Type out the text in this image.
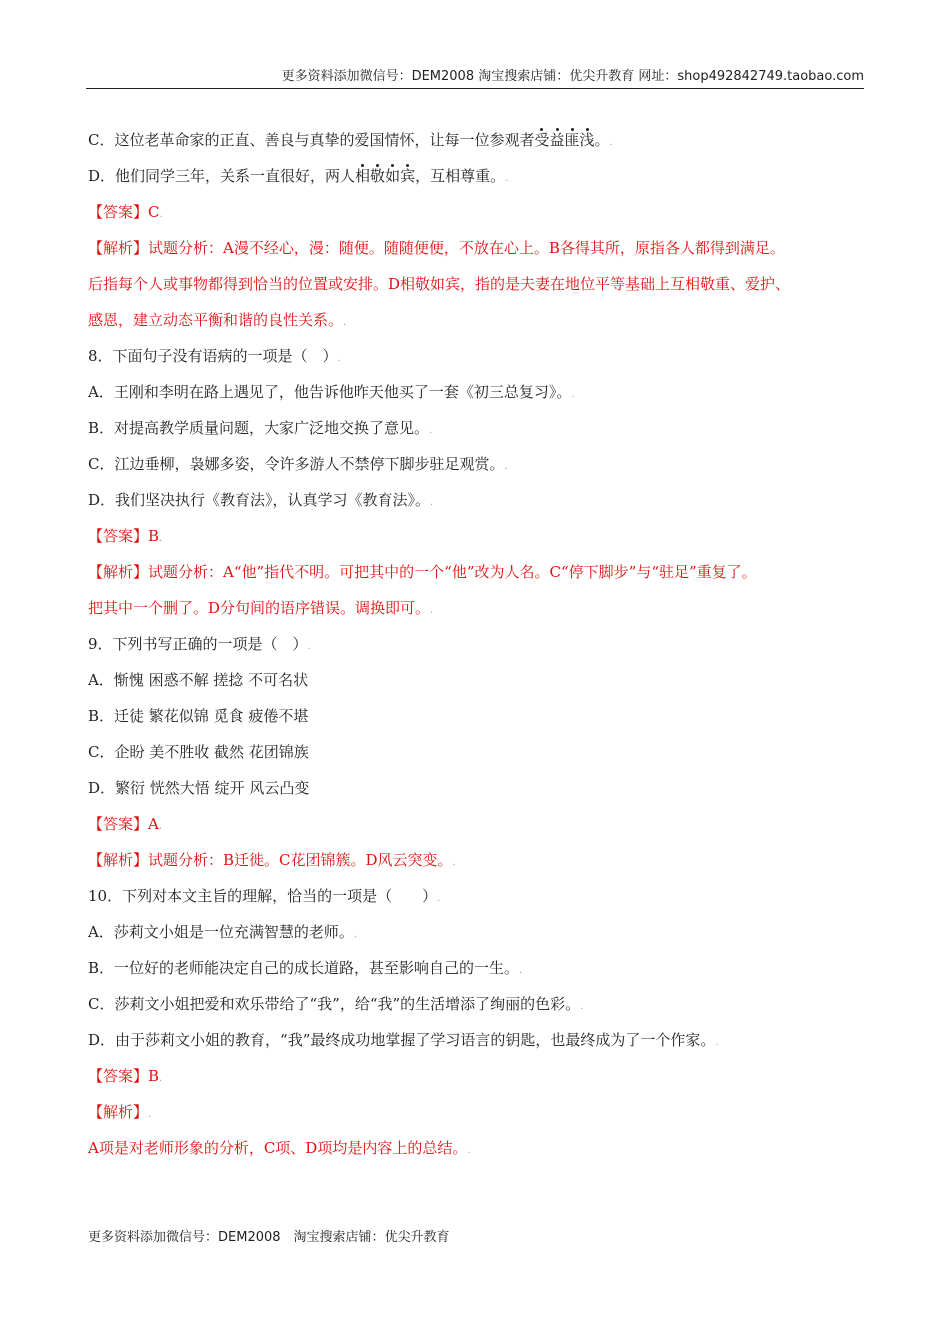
更多资料添加微信号：DEM2008 淘宝搜索店铺：优尖升教育 网址：shop492842749.taobao.com
C．这位老革命家的正直、善良与真挚的爱国情怀，让每一位参观者受益匪浅。.
D．他们同学三年，关系一直很好，两人相敬如宾，互相尊重。.
【答案】C.
【解析】试题分析：A漫不经心，漫：随便。随随便便，不放在心上。B各得其所，原指各人都得到满足。
后指每个人或事物都得到恰当的位置或安排。D相敬如宾，指的是夫妻在地位平等基础上互相敬重、爱护、
感恩，建立动态平衡和谐的良性关系。.
8．下面句子没有语病的一项是（　）.
A．王刚和李明在路上遇见了，他告诉他昨天他买了一套《初三总复习》。.
B．对提高教学质量问题，大家广泛地交换了意见。.
C．江边垂柳，袅娜多姿，令许多游人不禁停下脚步驻足观赏。.
D．我们坚决执行《教育法》，认真学习《教育法》。.
【答案】B.
【解析】试题分析：A“他”指代不明。可把其中的一个“他”改为人名。C“停下脚步”与“驻足”重复了。
把其中一个删了。D分句间的语序错误。调换即可。.
9．下列书写正确的一项是（　）.
A．惭愧 困惑不解 搓捻 不可名状
B．迁徒 繁花似锦 觅食 疲倦不堪
C．企盼 美不胜收 截然 花团锦族
D．繁衍 恍然大悟 绽开 风云凸变
【答案】A.
【解析】试题分析：B迁徙。C花团锦簇。D风云突变。.
10．下列对本文主旨的理解，恰当的一项是（　　）.
A．莎莉文小姐是一位充满智慧的老师。.
B．一位好的老师能决定自己的成长道路，甚至影响自己的一生。.
C．莎莉文小姐把爱和欢乐带给了“我”，给“我”的生活增添了绚丽的色彩。.
D．由于莎莉文小姐的教育，“我”最终成功地掌握了学习语言的钥匙，也最终成为了一个作家。.
【答案】B.
【解析】.
A项是对老师形象的分析，C项、D项均是内容上的总结。.
更多资料添加微信号：DEM2008　淘宝搜索店铺：优尖升教育
